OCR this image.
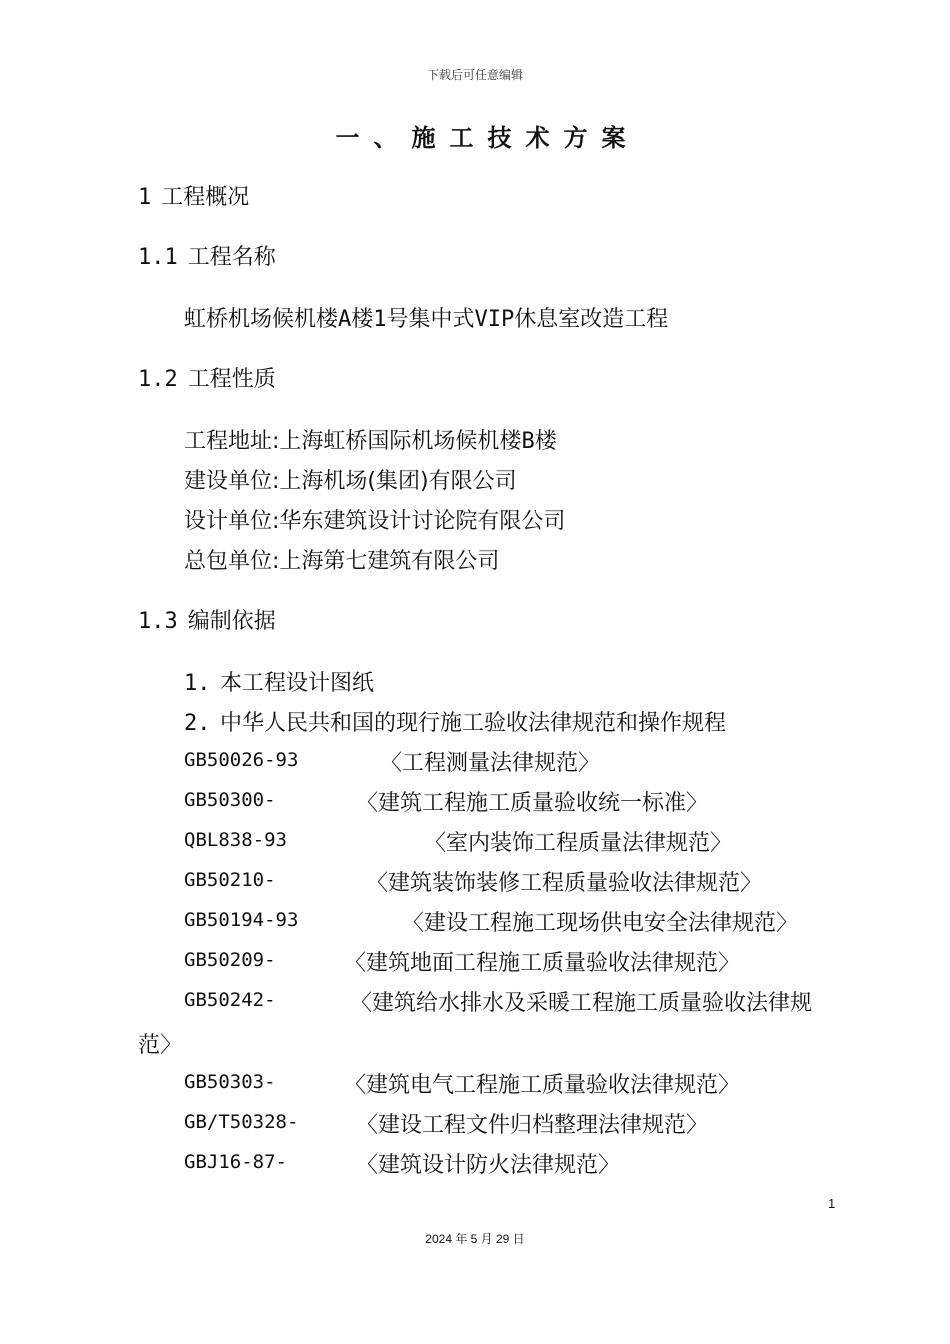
下载后可任意编辑
一、施工技术方案
1 工程概况
1.1 工程名称
虹桥机场候机楼A楼1号集中式VIP休息室改造工程
1.2 工程性质
工程地址:上海虹桥国际机场候机楼B楼
建设单位:上海机场(集团)有限公司
设计单位:华东建筑设计讨论院有限公司
总包单位:上海第七建筑有限公司
1.3 编制依据
1. 本工程设计图纸
2. 中华人民共和国的现行施工验收法律规范和操作规程
GB50026-93	〈工程测量法律规范〉
GB50300-	〈建筑工程施工质量验收统一标准〉
QBL838-93	〈室内装饰工程质量法律规范〉
GB50210-	〈建筑装饰装修工程质量验收法律规范〉
GB50194-93	〈建设工程施工现场供电安全法律规范〉
GB50209-	〈建筑地面工程施工质量验收法律规范〉
GB50242-	〈建筑给水排水及采暖工程施工质量验收法律规
范〉
GB50303-	〈建筑电气工程施工质量验收法律规范〉
GB/T50328-	〈建设工程文件归档整理法律规范〉
GBJ16-87-	〈建筑设计防火法律规范〉
1
2024 年 5 月 29 日
